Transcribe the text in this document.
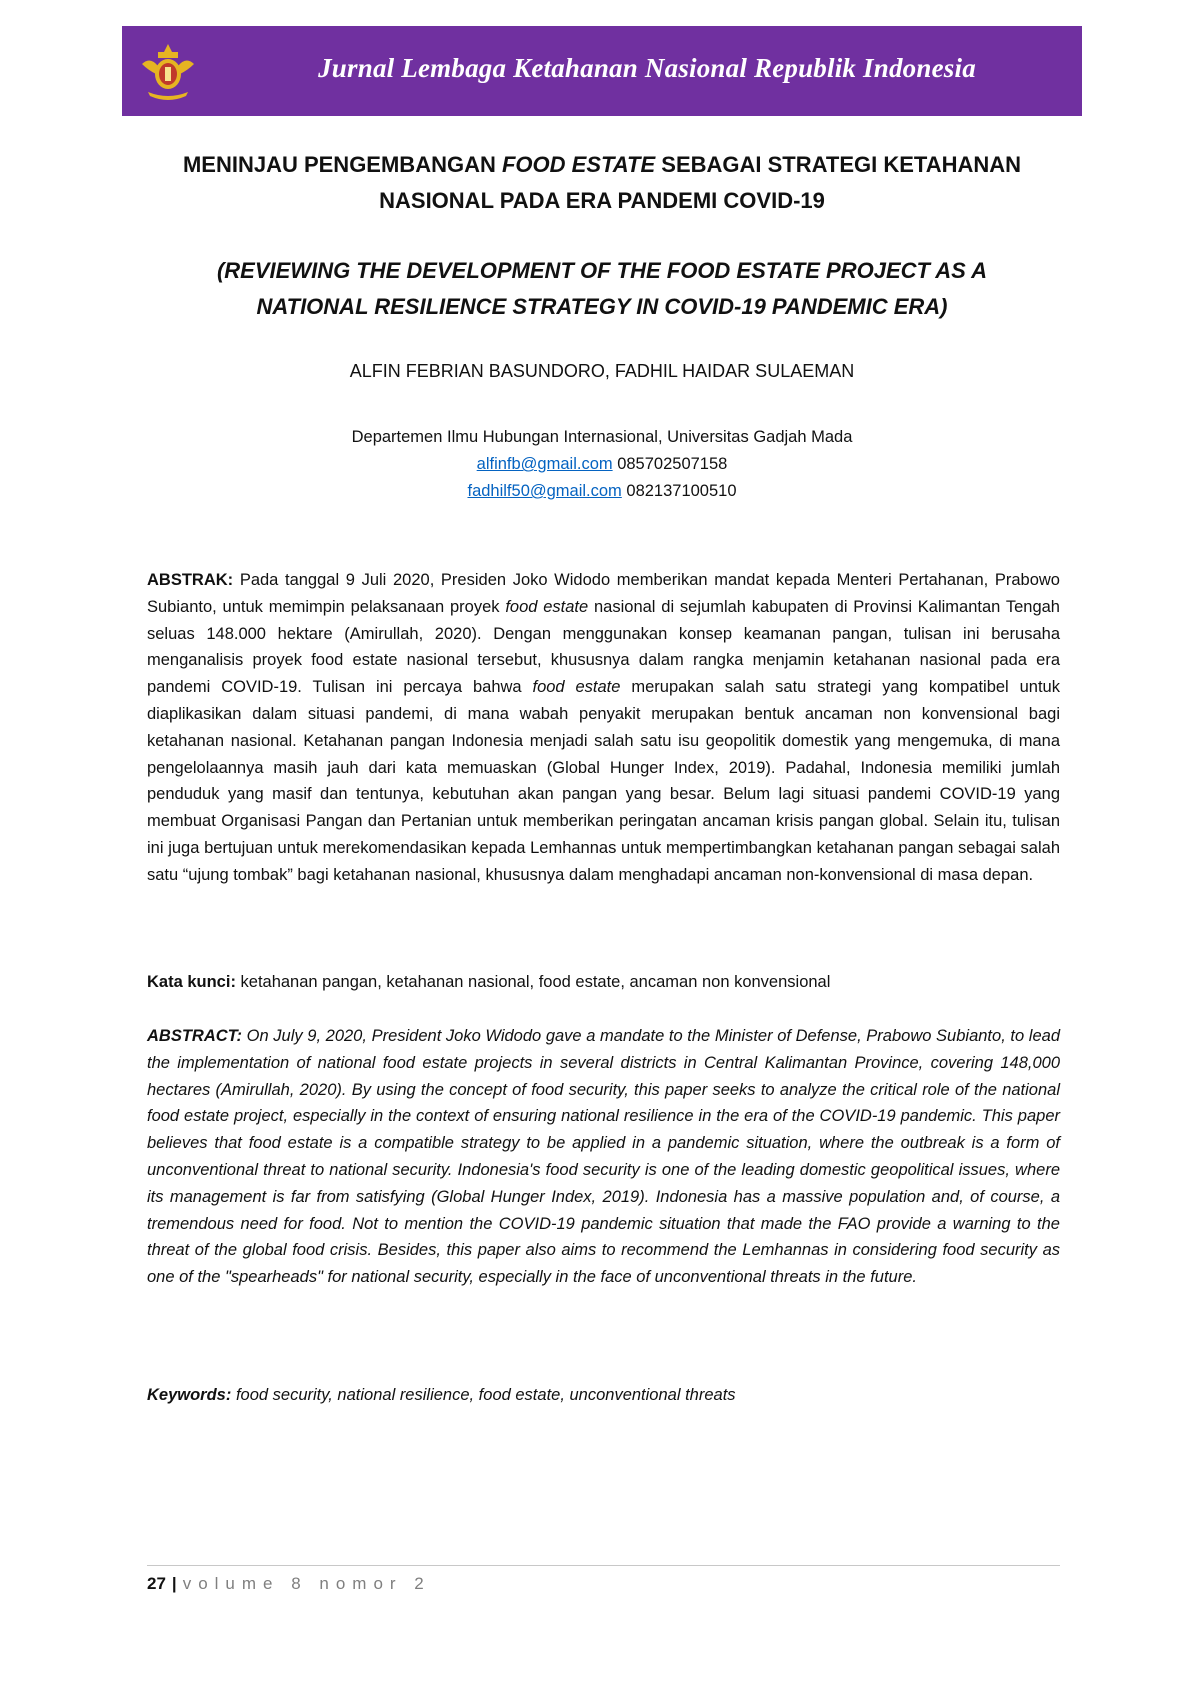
Jurnal Lembaga Ketahanan Nasional Republik Indonesia
MENINJAU PENGEMBANGAN FOOD ESTATE SEBAGAI STRATEGI KETAHANAN
NASIONAL PADA ERA PANDEMI COVID-19
(REVIEWING THE DEVELOPMENT OF THE FOOD ESTATE PROJECT AS A
NATIONAL RESILIENCE STRATEGY IN COVID-19 PANDEMIC ERA)
ALFIN FEBRIAN BASUNDORO, FADHIL HAIDAR SULAEMAN
Departemen Ilmu Hubungan Internasional, Universitas Gadjah Mada
alfinfb@gmail.com 085702507158
fadhilf50@gmail.com 082137100510

ABSTRAK: Pada tanggal 9 Juli 2020, Presiden Joko Widodo memberikan mandat kepada Menteri Pertahanan, Prabowo Subianto, untuk memimpin pelaksanaan proyek food estate nasional di sejumlah kabupaten di Provinsi Kalimantan Tengah seluas 148.000 hektare (Amirullah, 2020). Dengan menggunakan konsep keamanan pangan, tulisan ini berusaha menganalisis proyek food estate nasional tersebut, khususnya dalam rangka menjamin ketahanan nasional pada era pandemi COVID-19. Tulisan ini percaya bahwa food estate merupakan salah satu strategi yang kompatibel untuk diaplikasikan dalam situasi pandemi, di mana wabah penyakit merupakan bentuk ancaman non konvensional bagi ketahanan nasional. Ketahanan pangan Indonesia menjadi salah satu isu geopolitik domestik yang mengemuka, di mana pengelolaannya masih jauh dari kata memuaskan (Global Hunger Index, 2019). Padahal, Indonesia memiliki jumlah penduduk yang masif dan tentunya, kebutuhan akan pangan yang besar. Belum lagi situasi pandemi COVID-19 yang membuat Organisasi Pangan dan Pertanian untuk memberikan peringatan ancaman krisis pangan global. Selain itu, tulisan ini juga bertujuan untuk merekomendasikan kepada Lemhannas untuk mempertimbangkan ketahanan pangan sebagai salah satu “ujung tombak” bagi ketahanan nasional, khususnya dalam menghadapi ancaman non-konvensional di masa depan.

Kata kunci: ketahanan pangan, ketahanan nasional, food estate, ancaman non konvensional

ABSTRACT: On July 9, 2020, President Joko Widodo gave a mandate to the Minister of Defense, Prabowo Subianto, to lead the implementation of national food estate projects in several districts in Central Kalimantan Province, covering 148,000 hectares (Amirullah, 2020). By using the concept of food security, this paper seeks to analyze the critical role of the national food estate project, especially in the context of ensuring national resilience in the era of the COVID-19 pandemic. This paper believes that food estate is a compatible strategy to be applied in a pandemic situation, where the outbreak is a form of unconventional threat to national security. Indonesia's food security is one of the leading domestic geopolitical issues, where its management is far from satisfying (Global Hunger Index, 2019). Indonesia has a massive population and, of course, a tremendous need for food. Not to mention the COVID-19 pandemic situation that made the FAO provide a warning to the threat of the global food crisis. Besides, this paper also aims to recommend the Lemhannas in considering food security as one of the "spearheads" for national security, especially in the face of unconventional threats in the future.

Keywords: food security, national resilience, food estate, unconventional threats

27 | volume 8 nomor 2
